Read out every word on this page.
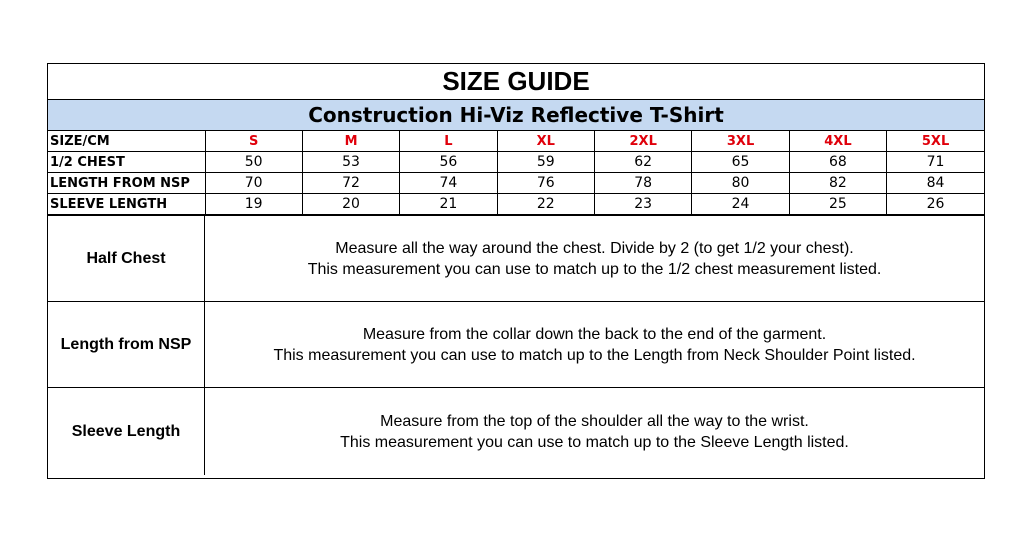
SIZE GUIDE
Construction Hi-Viz Reflective T-Shirt
SIZE/CM	S	M	L	XL	2XL	3XL	4XL	5XL
1/2 CHEST	50	53	56	59	62	65	68	71
LENGTH FROM NSP	70	72	74	76	78	80	82	84
SLEEVE LENGTH	19	20	21	22	23	24	25	26
Half Chest
Measure all the way around the chest. Divide by 2 (to get 1/2 your chest).
This measurement you can use to match up to the 1/2 chest measurement listed.
Length from NSP
Measure from the collar down the back to the end of the garment.
This measurement you can use to match up to the Length from Neck Shoulder Point listed.
Sleeve Length
Measure from the top of the shoulder all the way to the wrist.
This measurement you can use to match up to the Sleeve Length listed.
